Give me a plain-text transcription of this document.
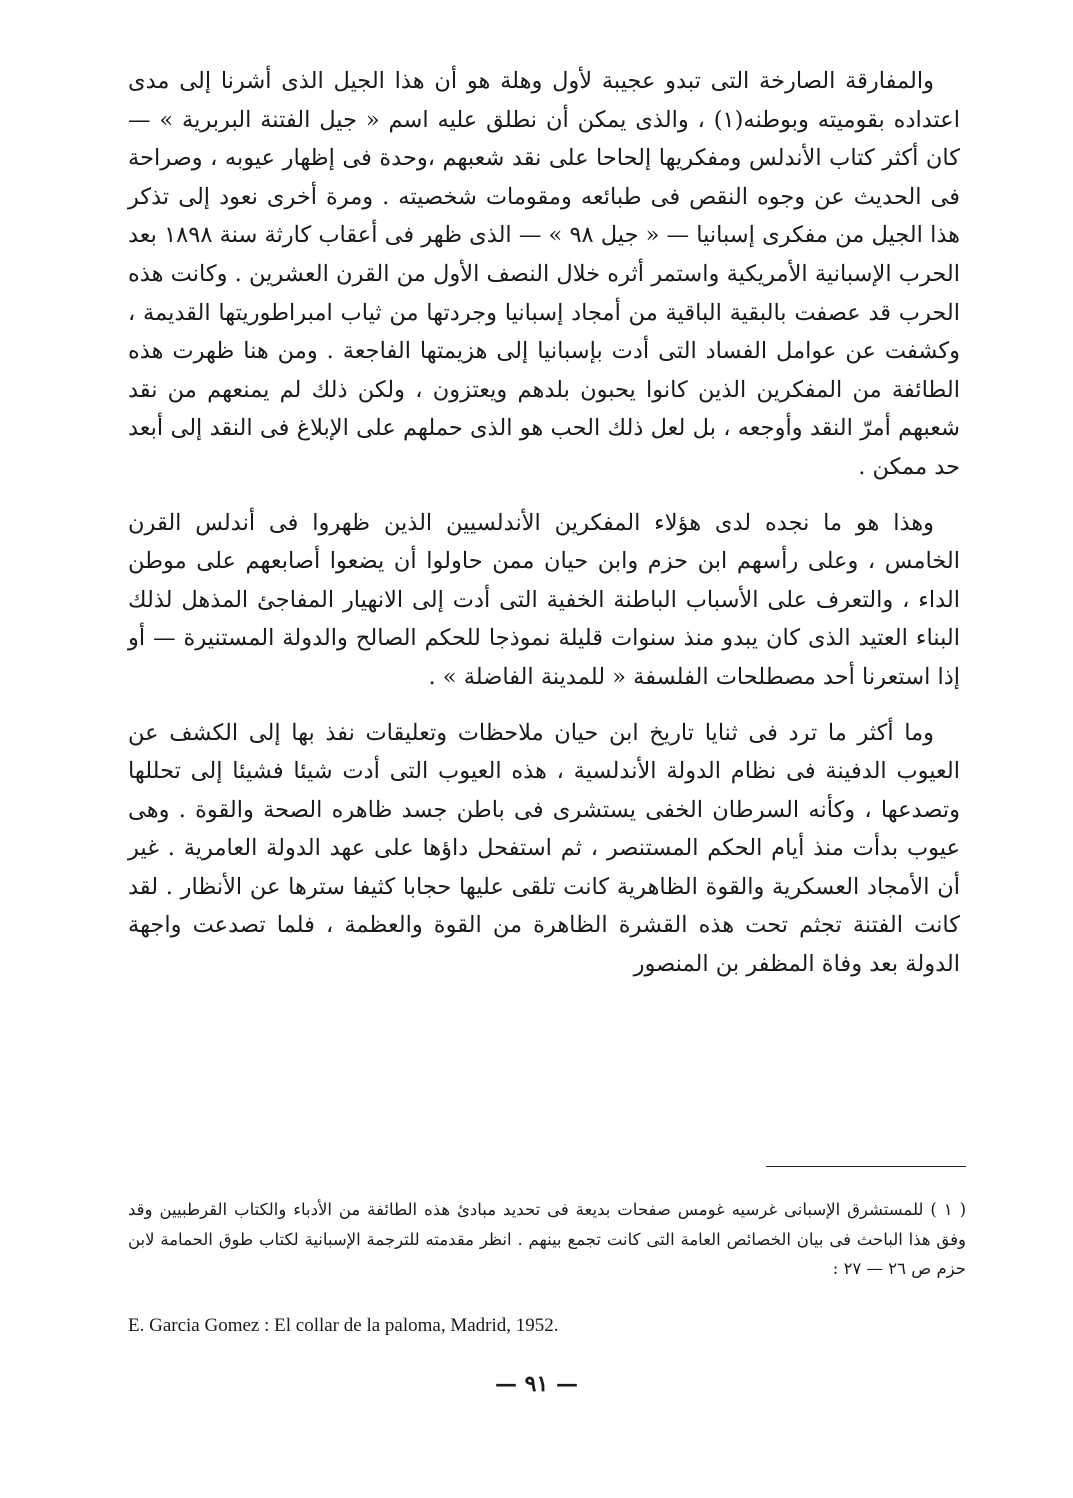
والمفارقة الصارخة التى تبدو عجيبة لأول وهلة هو أن هذا الجيل الذى أشرنا إلى مدى اعتداده بقوميته وبوطنه(١) ، والذى يمكن أن نطلق عليه اسم « جيل الفتنة البربرية » — كان أكثر كتاب الأندلس ومفكريها إلحاحا على نقد شعبهم ،وحدة فى إظهار عيوبه ، وصراحة فى الحديث عن وجوه النقص فى طبائعه ومقومات شخصيته . ومرة أخرى نعود إلى تذكر هذا الجيل من مفكرى إسبانيا — « جيل ٩٨ » — الذى ظهر فى أعقاب كارثة سنة ١٨٩٨ بعد الحرب الإسبانية الأمريكية واستمر أثره خلال النصف الأول من القرن العشرين . وكانت هذه الحرب قد عصفت بالبقية الباقية من أمجاد إسبانيا وجردتها من ثياب امبراطوريتها القديمة ، وكشفت عن عوامل الفساد التى أدت بإسبانيا إلى هزيمتها الفاجعة . ومن هنا ظهرت هذه الطائفة من المفكرين الذين كانوا يحبون بلدهم ويعتزون ، ولكن ذلك لم يمنعهم من نقد شعبهم أمرّ النقد وأوجعه ، بل لعل ذلك الحب هو الذى حملهم على الإبلاغ فى النقد إلى أبعد حد ممكن .

وهذا هو ما نجده لدى هؤلاء المفكرين الأندلسيين الذين ظهروا فى أندلس القرن الخامس ، وعلى رأسهم ابن حزم وابن حيان ممن حاولوا أن يضعوا أصابعهم على موطن الداء ، والتعرف على الأسباب الباطنة الخفية التى أدت إلى الانهيار المفاجئ المذهل لذلك البناء العتيد الذى كان يبدو منذ سنوات قليلة نموذجا للحكم الصالح والدولة المستنيرة — أو إذا استعرنا أحد مصطلحات الفلسفة « للمدينة الفاضلة » .

وما أكثر ما ترد فى ثنايا تاريخ ابن حيان ملاحظات وتعليقات نفذ بها إلى الكشف عن العيوب الدفينة فى نظام الدولة الأندلسية ، هذه العيوب التى أدت شيئا فشيئا إلى تحللها وتصدعها ، وكأنه السرطان الخفى يستشرى فى باطن جسد ظاهره الصحة والقوة . وهى عيوب بدأت منذ أيام الحكم المستنصر ، ثم استفحل داؤها على عهد الدولة العامرية . غير أن الأمجاد العسكرية والقوة الظاهرية كانت تلقى عليها حجابا كثيفا سترها عن الأنظار . لقد كانت الفتنة تجثم تحت هذه القشرة الظاهرة من القوة والعظمة ، فلما تصدعت واجهة الدولة بعد وفاة المظفر بن المنصور

( ١ ) للمستشرق الإسبانى غرسيه غومس صفحات بديعة فى تحديد مبادئ هذه الطائفة من الأدباء والكتاب القرطبيين وقد وفق هذا الباحث فى بيان الخصائص العامة التى كانت تجمع بينهم . انظر مقدمته للترجمة الإسبانية لكتاب طوق الحمامة لابن حزم ص ٢٦ — ٢٧ :

E. Garcia Gomez : El collar de la paloma, Madrid, 1952.
— ٩١ —
